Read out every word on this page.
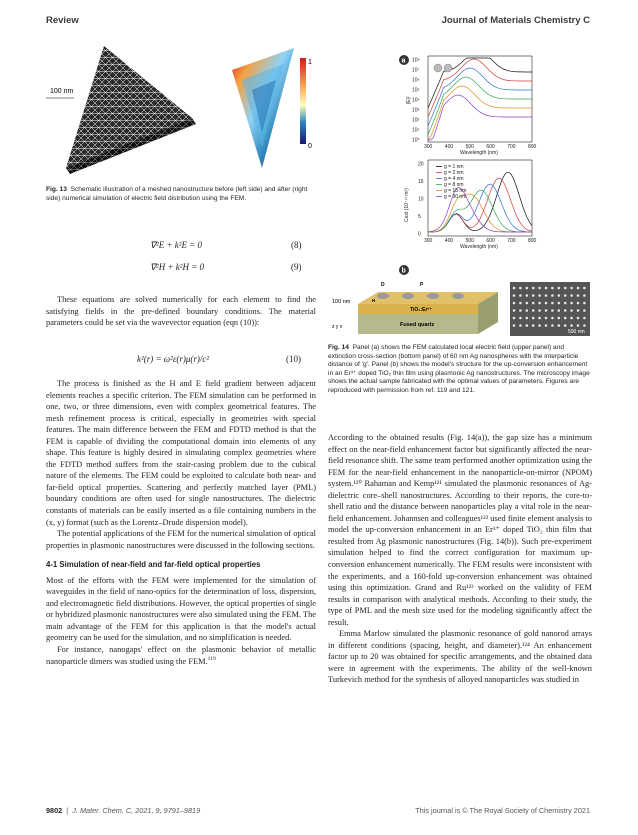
Review	Journal of Materials Chemistry C
100 nm
1
0
Fig. 13 Schematic illustration of a meshed nanostructure before (left side) and after (right side) numerical simulation of electric field distribution using the FEM.
∇²E + k²E = 0	(8)
∇²H + k²H = 0	(9)

These equations are solved numerically for each element to find the satisfying fields in the pre-defined boundary conditions. The material parameters could be set via the wavevector equation (eqn (10)):

k²(r) = ω²ε(r)μ(r)/c²	(10)

The process is finished as the H and E field gradient between adjacent elements reaches a specific criterion. The FEM simulation can be performed in one, two, or three dimensions, even with complex geometrical features. The mesh refinement process is critical, especially in geometries with special features. The main difference between the FEM and FDTD method is that the FEM is capable of dividing the computational domain into elements of any shape. This feature is highly desired in simulating complex geometries where the FDTD method suffers from the stair-casing problem due to the cubical nature of the elements. The FEM could be exploited to calculate both near- and far-field optical properties. Scattering and perfectly matched layer (PML) boundary conditions are often used for single nanostructures. The dielectric constants of materials can be easily inserted as a file containing numbers in the (x, y) format (such as the Lorentz–Drude dispersion model).

The potential applications of the FEM for the numerical simulation of optical properties in plasmonic nanostructures were discussed in the following sections.

4-1 Simulation of near-field and far-field optical properties

Most of the efforts with the FEM were implemented for the simulation of waveguides in the field of nano-optics for the determination of loss, dispersion, and electromagnetic field distributions. However, the optical properties of single or hybridized plasmonic nanostructures were also simulated using the FEM. The main advantage of the FEM for this application is that the model's actual geometry can be used for the simulation, and no simplification is needed.

For instance, nanogaps' effect on the plasmonic behavior of metallic nanoparticle dimers was studied using the FEM.$^{119}$

a 10⁸
10⁷
10⁶
10⁵
10⁴
10³
10²
10¹
10⁰
|E|²
300 400 500 600 700 800
Wavelength (nm)
20
15
10
5
0
Cext (10⁻¹¹ m²)
300 400 500 600 700 800
Wavelength (nm)
g = 1 nm
g = 2 nm
g = 4 nm
g = 8 nm
g = 15 nm
g = 30 nm
b
D	P
H
100 nm
TiO₂:Er³⁺
Fused quartz
z y x
500 nm
Fig. 14 Panel (a) shows the FEM calculated local electric field (upper panel) and extinction cross-section (bottom panel) of 60 nm Ag nanospheres with the interparticle distance of 'g'. Panel (b) shows the model's structure for the up-conversion enhancement in an Er³⁺ doped TiO₂ thin film using plasmonic Ag nanostructures. The microscopy image shows the actual sample fabricated with the optimal values of parameters. Figures are reproduced with permission from ref. 119 and 121.

According to the obtained results (Fig. 14(a)), the gap size has a minimum effect on the near-field enhancement factor but significantly affected the near-field resonance shift. The same team performed another optimization using the FEM for the near-field enhancement in the nanoparticle-on-mirror (NPOM) system.¹²⁰ Rahaman and Kemp¹²¹ simulated the plasmonic resonances of Ag-dielectric core–shell nanostructures. According to their reports, the core-to-shell ratio and the distance between nanoparticles play a vital role in the near-field enhancement. Johannsen and colleagues¹²² used finite element analysis to model the up-conversion enhancement in an Er³⁺ doped TiO₂ thin film that resulted from Ag plasmonic nanostructures (Fig. 14(b)). Such pre-experiment simulation helped to find the correct configuration for maximum up-conversion enhancement numerically. The FEM results were inconsistent with the experiments, and a 160-fold up-conversion enhancement was obtained using this optimization. Grand and Ru¹²³ worked on the validity of FEM results in comparison with analytical methods. According to their study, the type of PML and the mesh size used for the modeling significantly affect the result.

Emma Marlow simulated the plasmonic resonance of gold nanorod arrays in different conditions (spacing, height, and diameter).¹²⁴ An enhancement factor up to 20 was obtained for specific arrangements, and the obtained data were in agreement with the experiments. The ability of the well-known Turkevich method for the synthesis of alloyed nanoparticles was studied in

9802  |  J. Mater. Chem. C, 2021, 9, 9791–9819	This journal is © The Royal Society of Chemistry 2021
